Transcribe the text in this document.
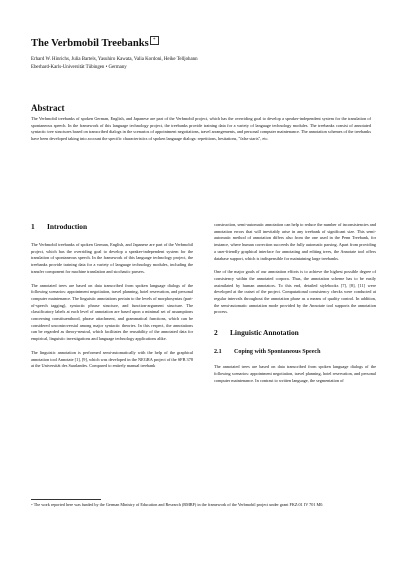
The Verbmobil Treebanks *
Erhard W. Hinrichs, Julia Bartels, Yasuhiro Kawata, Valia Kordoni, Heike Telljohann
Eberhard-Karls-Universität Tübingen • Germany
Abstract

The Verbmobil treebanks of spoken German, English, and Japanese are part of the Verbmobil project, which has the overriding goal to develop a speaker-independent system for the translation of spontaneous speech. In the framework of this language technology project, the treebanks provide training data for a variety of language technology modules. The treebanks consist of annotated syntactic tree structures based on transcribed dialogs in the scenarios of appointment negotiations, travel arrangements, and personal computer maintenance. The annotation schemes of the treebanks have been developed taking into account the specific characteristics of spoken language dialogs: repetitions, hesitations, "false starts", etc.

1 Introduction

The Verbmobil treebanks of spoken German, English, and Japanese are part of the Verbmobil project, which has the overriding goal to develop a speaker-independent system for the translation of spontaneous speech. In the framework of this language technology project, the treebanks provide training data for a variety of language technology modules, including the transfer component for machine translation and stochastic parsers.

The annotated trees are based on data transcribed from spoken language dialogs of the following scenarios: appointment negotiation, travel planning, hotel reservation, and personal computer maintenance. The linguistic annotations pertain to the levels of morphosyntax (part-of-speech tagging), syntactic phrase structure, and function-argument structure. The classificatory labels at each level of annotation are based upon a minimal set of assumptions concerning constituenthood, phrase attachment, and grammatical functions, which can be considered uncontroversial among major syntactic theories. In this respect, the annotations can be regarded as theory-neutral, which facilitates the reusability of the annotated data for empirical, linguistic investigations and language technology applications alike.

The linguistic annotation is performed semi-automatically with the help of the graphical annotation tool Annotate [1], [9], which was developed in the NEGRA project of the SFB 378 at the Universität des Saarlandes. Compared to entirely manual treebank

construction, semi-automatic annotation can help to reduce the number of inconsistencies and annotation errors that will inevitably arise in any treebank of significant size. This semi-automatic method of annotation differs also from the one used in the Penn Treebank, for instance, where human correction succeeds the fully automatic parsing. Apart from providing a user-friendly graphical interface for annotating and editing trees, the Annotate tool offers database support, which is indispensible for maintaining large treebanks.

One of the major goals of our annotation efforts is to achieve the highest possible degree of consistency within the annotated corpora. Thus, the annotation scheme has to be easily assimilated by human annotators. To this end, detailed stylebooks [7], [8], [11] were developed at the outset of the project. Computational consistency checks were conducted at regular intervals throughout the annotation phase as a means of quality control. In addition, the semi-automatic annotation mode provided by the Annotate tool supports the annotation process.

2 Linguistic Annotation
2.1 Coping with Spontaneous Speech

The annotated trees are based on data transcribed from spoken language dialogs of the following scenarios: appointment negotiation, travel planning, hotel reservation, and personal computer maintenance. In contrast to written language, the segmentation of

* The work reported here was funded by the German Ministry of Education and Research (BMBF) in the framework of the Verbmobil project under grant FKZ:01 IV 701 M0.
